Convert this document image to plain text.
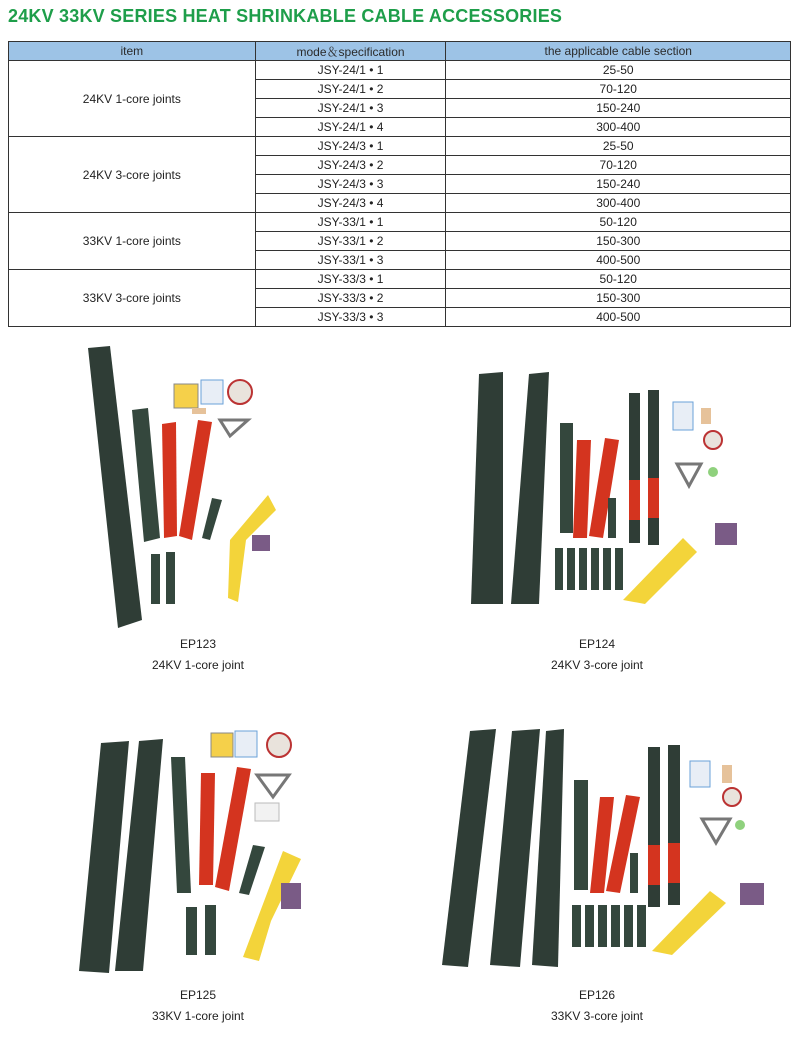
24KV 33KV SERIES HEAT SHRINKABLE CABLE ACCESSORIES
item	mode＆specification	the applicable cable section
24KV 1-core joints	JSY-24/1 • 1	25-50
	JSY-24/1 • 2	70-120
	JSY-24/1 • 3	150-240
	JSY-24/1 • 4	300-400
24KV 3-core joints	JSY-24/3 • 1	25-50
	JSY-24/3 • 2	70-120
	JSY-24/3 • 3	150-240
	JSY-24/3 • 4	300-400
33KV 1-core joints	JSY-33/1 • 1	50-120
	JSY-33/1 • 2	150-300
	JSY-33/1 • 3	400-500
33KV 3-core joints	JSY-33/3 • 1	50-120
	JSY-33/3 • 2	150-300
	JSY-33/3 • 3	400-500
EP123
24KV 1-core joint
EP124
24KV 3-core joint
EP125
33KV 1-core joint
EP126
33KV 3-core joint
